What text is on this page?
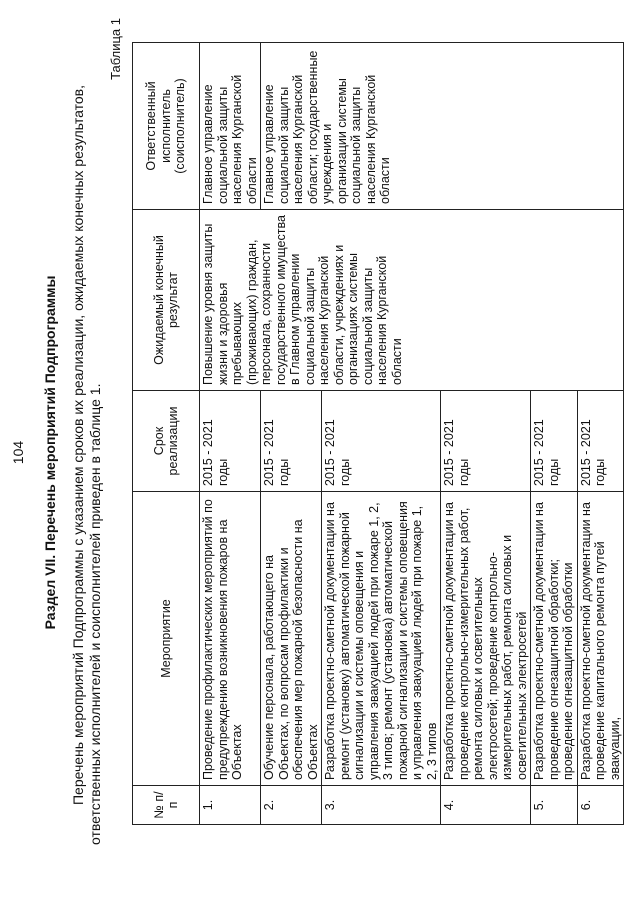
104 Раздел VII. Перечень мероприятий Подпрограммы Перечень мероприятий Подпрограммы с указанием сроков их реализации, ожидаемых конечных результатов, ответственных исполнителей и соисполнителей приведен в таблице 1.
Таблица 1
№ п/п	Мероприятие	Срок реализации	Ожидаемый конечный результат	Ответственный исполнитель (соисполнитель)
1.	Проведение профилактических мероприятий по предупреждению возникновения пожаров на Объектах	2015 - 2021 годы	Повышение уровня защиты жизни и здоровья пребывающих (проживающих) граждан, персонала, сохранности государственного имущества в Главном управлении социальной защиты населения Курганской области, учреждениях и организациях системы социальной защиты населения Курганской области	Главное управление социальной защиты населения Курганской области
2.	Обучение персонала, работающего на Объектах, по вопросам профилактики и обеспечения мер пожарной безопасности на Объектах	2015 - 2021 годы		Главное управление социальной защиты населения Курганской области; государственные учреждения и организации системы социальной защиты населения Курганской области
3.	Разработка проектно-сметной документации на ремонт (установку) автоматической пожарной сигнализации и системы оповещения и управления эвакуацией людей при пожаре 1, 2, 3 типов; ремонт (установка) автоматической пожарной сигнализации и системы оповещения и управления эвакуацией людей при пожаре 1, 2, 3 типов	2015 - 2021 годы		
4.	Разработка проектно-сметной документации на проведение контрольно-измерительных работ, ремонта силовых и осветительных электросетей; проведение контрольно-измерительных работ, ремонта силовых и осветительных электросетей	2015 - 2021 годы		
5.	Разработка проектно-сметной документации на проведение огнезащитной обработки; проведение огнезащитной обработки	2015 - 2021 годы		
6.	Разработка проектно-сметной документации на проведение капитального ремонта путей эвакуации,	2015 - 2021 годы		
